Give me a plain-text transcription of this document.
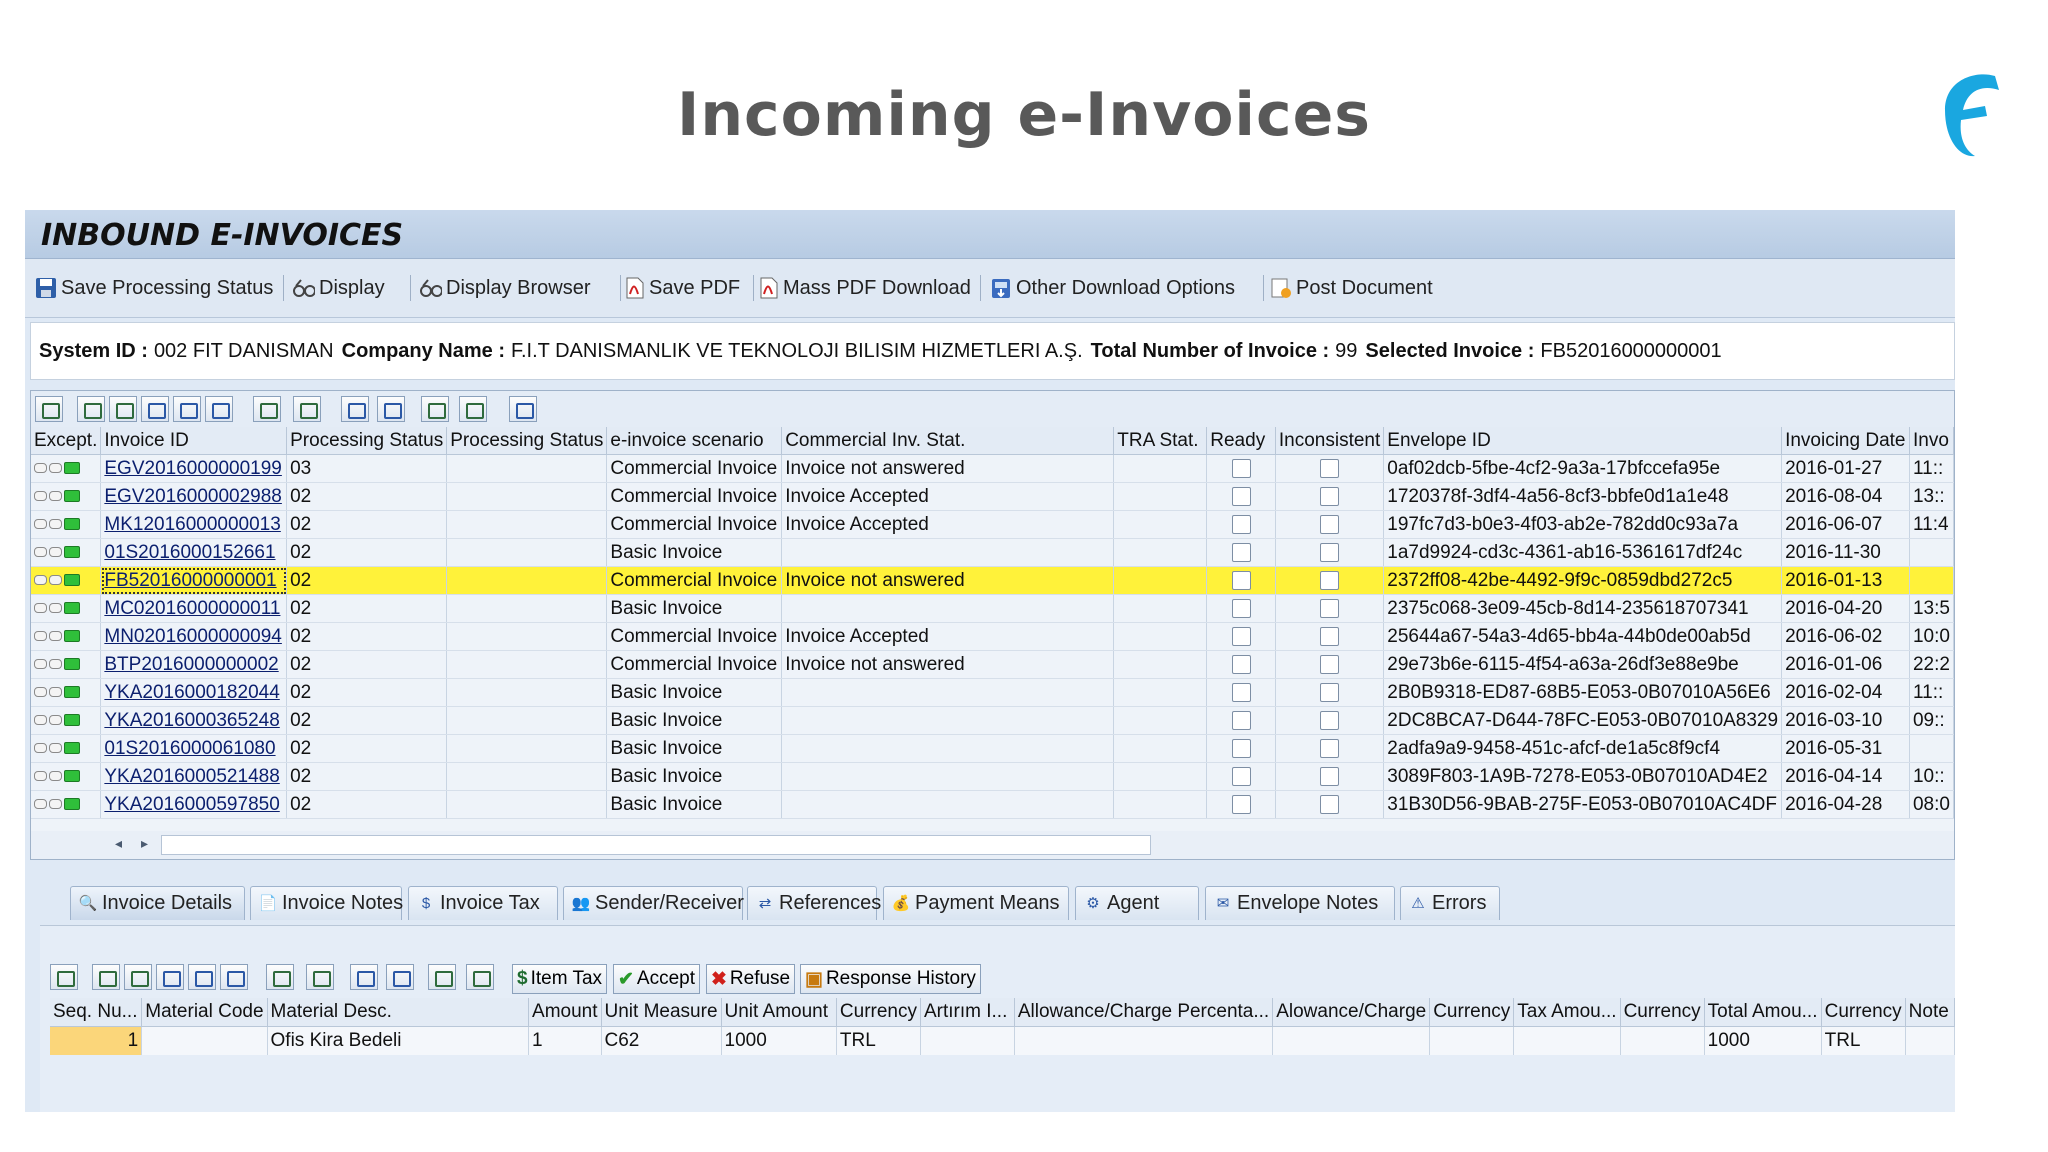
Incoming e-Invoices
INBOUND E-INVOICES
Save Processing Status Display	Display Browser	Save PDF Mass PDF Download Other Download Options	Post Document
System ID : 002 FIT DANISMAN Company Name : F.I.T DANISMANLIK VE TEKNOLOJI BILISIM HIZMETLERI A.Ş. Total Number of Invoice : 99 Selected Invoice : FB52016000000001
Except.	Invoice ID	Processing Status	Processing Status	e-invoice scenario	Commercial Inv. Stat.	TRA Stat.	Ready	Inconsistent	Envelope ID	Invoicing Date	Invo

	EGV2016000000199	03		Commercial Invoice	Invoice not answered				0af02dcb-5fbe-4cf2-9a3a-17bfccefa95e	2016-01-27	11::

	EGV2016000002988	02		Commercial Invoice	Invoice Accepted				1720378f-3df4-4a56-8cf3-bbfe0d1a1e48	2016-08-04	13::

	MK12016000000013	02		Commercial Invoice	Invoice Accepted				197fc7d3-b0e3-4f03-ab2e-782dd0c93a7a	2016-06-07	11:4

	01S2016000152661	02		Basic Invoice					1a7d9924-cd3c-4361-ab16-5361617df24c	2016-11-30	

	FB52016000000001	02		Commercial Invoice	Invoice not answered				2372ff08-42be-4492-9f9c-0859dbd272c5	2016-01-13	

	MC02016000000011	02		Basic Invoice					2375c068-3e09-45cb-8d14-235618707341	2016-04-20	13:5

	MN02016000000094	02		Commercial Invoice	Invoice Accepted				25644a67-54a3-4d65-bb4a-44b0de00ab5d	2016-06-02	10:0

	BTP2016000000002	02		Commercial Invoice	Invoice not answered				29e73b6e-6115-4f54-a63a-26df3e88e9be	2016-01-06	22:2

	YKA2016000182044	02		Basic Invoice					2B0B9318-ED87-68B5-E053-0B07010A56E6	2016-02-04	11::

	YKA2016000365248	02		Basic Invoice					2DC8BCA7-D644-78FC-E053-0B07010A8329	2016-03-10	09::

	01S2016000061080	02		Basic Invoice					2adfa9a9-9458-451c-afcf-de1a5c8f9cf4	2016-05-31	

	YKA2016000521488	02		Basic Invoice					3089F803-1A9B-7278-E053-0B07010AD4E2	2016-04-14	10::

	YKA2016000597850	02		Basic Invoice					31B30D56-9BAB-275F-E053-0B07010AC4DF	2016-04-28	08:0
◂ ▸
🔍 Invoice Details 📄 Invoice Notes	$ Invoice Tax 👥 Sender/Receiver ⇄ References 💰 Payment Means ⚙ Agent	✉ Envelope Notes ⚠ Errors
$ Item Tax ✔ Accept ✖ Refuse ▣ Response History
Seq. Nu...	Material Code	Material Desc.	Amount	Unit Measure	Unit Amount	Currency	Artırım I...	Allowance/Charge Percenta...	Alowance/Charge	Currency	Tax Amou...	Currency	Total Amou...	Currency	Note
1		Ofis Kira Bedeli	1	C62	1000	TRL							1000	TRL	
